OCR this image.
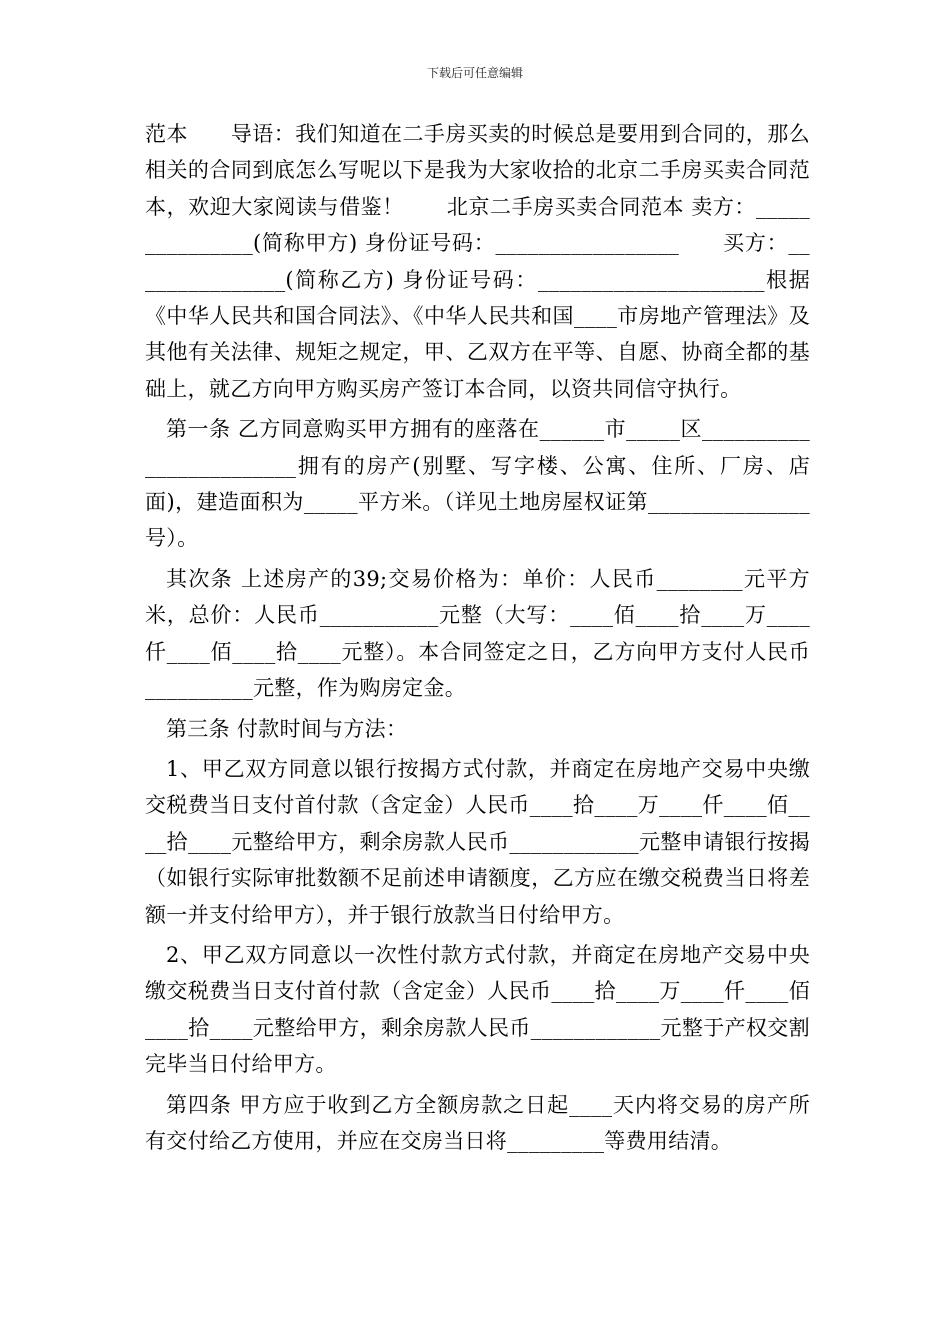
下载后可任意编辑

范本　　导语：我们知道在二手房买卖的时候总是要用到合同的，那么相关的合同到底怎么写呢以下是我为大家收拾的北京二手房买卖合同范本，欢迎大家阅读与借鉴！　　北京二手房买卖合同范本 卖方：_______________(简称甲方) 身份证号码：_________________　　买方：_______________(简称乙方) 身份证号码：_____________________根据《中华人民共和国合同法》、《中华人民共和国____市房地产管理法》及其他有关法律、规矩之规定，甲、乙双方在平等、自愿、协商全都的基础上，就乙方向甲方购买房产签订本合同，以资共同信守执行。

第一条 乙方同意购买甲方拥有的座落在______市_____区________________________拥有的房产(别墅、写字楼、公寓、住所、厂房、店面)，建造面积为_____平方米。（详见土地房屋权证第_______________号）。

其次条 上述房产的39;交易价格为：单价：人民币________元平方米，总价：人民币___________元整（大写：____佰____拾____万____仟____佰____拾____元整）。本合同签定之日，乙方向甲方支付人民币 __________元整，作为购房定金。

第三条 付款时间与方法：

1、甲乙双方同意以银行按揭方式付款，并商定在房地产交易中央缴交税费当日支付首付款（含定金）人民币____拾____万____仟____佰____拾____元整给甲方，剩余房款人民币____________元整申请银行按揭（如银行实际审批数额不足前述申请额度，乙方应在缴交税费当日将差额一并支付给甲方），并于银行放款当日付给甲方。

2、甲乙双方同意以一次性付款方式付款，并商定在房地产交易中央缴交税费当日支付首付款（含定金）人民币____拾____万____仟____佰____拾____元整给甲方，剩余房款人民币____________元整于产权交割完毕当日付给甲方。

第四条 甲方应于收到乙方全额房款之日起____天内将交易的房产所有交付给乙方使用，并应在交房当日将_________等费用结清。
